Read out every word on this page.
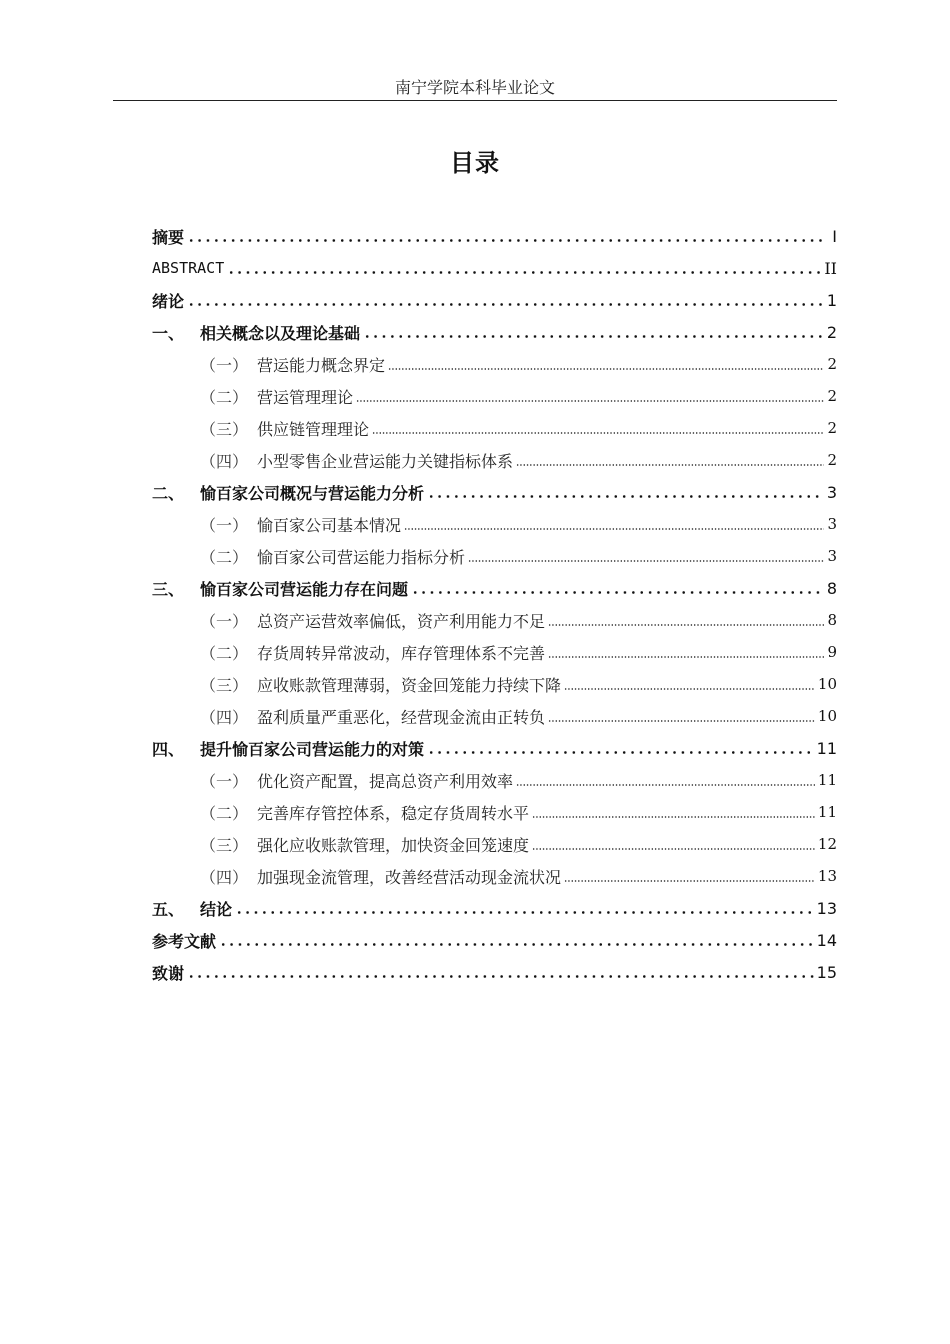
南宁学院本科毕业论文
目录
摘要	I
ABSTRACT	II
绪论	1
一、 相关概念以及理论基础	2
（一） 营运能力概念界定	2
（二） 营运管理理论	2
（三） 供应链管理理论	2
（四） 小型零售企业营运能力关键指标体系	2
二、 愉百家公司概况与营运能力分析	3
（一） 愉百家公司基本情况	3
（二） 愉百家公司营运能力指标分析	3
三、 愉百家公司营运能力存在问题	8
（一） 总资产运营效率偏低，资产利用能力不足	8
（二） 存货周转异常波动，库存管理体系不完善	9
（三） 应收账款管理薄弱，资金回笼能力持续下降	10
（四） 盈利质量严重恶化，经营现金流由正转负	10
四、 提升愉百家公司营运能力的对策	11
（一） 优化资产配置，提高总资产利用效率	11
（二） 完善库存管控体系，稳定存货周转水平	11
（三） 强化应收账款管理，加快资金回笼速度	12
（四） 加强现金流管理，改善经营活动现金流状况	13
五、 结论	13
参考文献	14
致谢	15
